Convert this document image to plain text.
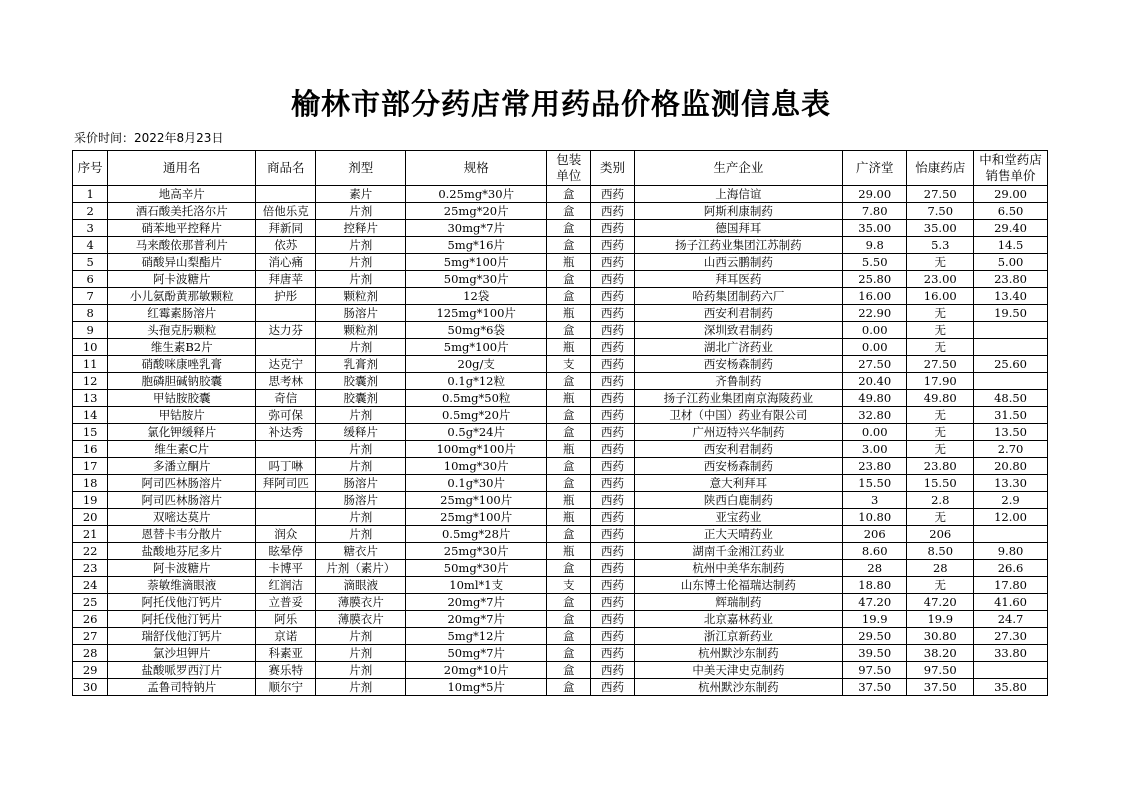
榆林市部分药店常用药品价格监测信息表
采价时间：2022年8月23日
序号	通用名	商品名	剂型	规格	包装
单位	类别	生产企业	广济堂	怡康药店	中和堂药店
销售单价
1	地高辛片		素片	0.25mg*30片	盒	西药	上海信谊	29.00	27.50	29.00
2	酒石酸美托洛尔片	倍他乐克	片剂	25mg*20片	盒	西药	阿斯利康制药	7.80	7.50	6.50
3	硝苯地平控释片	拜新同	控释片	30mg*7片	盒	西药	德国拜耳	35.00	35.00	29.40
4	马来酸依那普利片	依苏	片剂	5mg*16片	盒	西药	扬子江药业集团江苏制药	9.8	5.3	14.5
5	硝酸异山梨酯片	消心痛	片剂	5mg*100片	瓶	西药	山西云鹏制药	5.50	无	5.00
6	阿卡波糖片	拜唐苹	片剂	50mg*30片	盒	西药	拜耳医药	25.80	23.00	23.80
7	小儿氨酚黄那敏颗粒	护彤	颗粒剂	12袋	盒	西药	哈药集团制药六厂	16.00	16.00	13.40
8	红霉素肠溶片		肠溶片	125mg*100片	瓶	西药	西安利君制药	22.90	无	19.50
9	头孢克肟颗粒	达力芬	颗粒剂	50mg*6袋	盒	西药	深圳致君制药	0.00	无	
10	维生素B2片		片剂	5mg*100片	瓶	西药	湖北广济药业	0.00	无	
11	硝酸咪康唑乳膏	达克宁	乳膏剂	20g/支	支	西药	西安杨森制药	27.50	27.50	25.60
12	胞磷胆碱钠胶囊	思考林	胶囊剂	0.1g*12粒	盒	西药	齐鲁制药	20.40	17.90	
13	甲钴胺胶囊	奇信	胶囊剂	0.5mg*50粒	瓶	西药	扬子江药业集团南京海陵药业	49.80	49.80	48.50
14	甲钴胺片	弥可保	片剂	0.5mg*20片	盒	西药	卫材（中国）药业有限公司	32.80	无	31.50
15	氯化钾缓释片	补达秀	缓释片	0.5g*24片	盒	西药	广州迈特兴华制药	0.00	无	13.50
16	维生素C片		片剂	100mg*100片	瓶	西药	西安利君制药	3.00	无	2.70
17	多潘立酮片	吗丁啉	片剂	10mg*30片	盒	西药	西安杨森制药	23.80	23.80	20.80
18	阿司匹林肠溶片	拜阿司匹	肠溶片	0.1g*30片	盒	西药	意大利拜耳	15.50	15.50	13.30
19	阿司匹林肠溶片		肠溶片	25mg*100片	瓶	西药	陕西白鹿制药	3	2.8	2.9
20	双嘧达莫片		片剂	25mg*100片	瓶	西药	亚宝药业	10.80	无	12.00
21	恩替卡韦分散片	润众	片剂	0.5mg*28片	盒	西药	正大天晴药业	206	206	
22	盐酸地芬尼多片	眩晕停	糖衣片	25mg*30片	瓶	西药	湖南千金湘江药业	8.60	8.50	9.80
23	阿卡波糖片	卡博平	片剂（素片）	50mg*30片	盒	西药	杭州中美华东制药	28	28	26.6
24	萘敏维滴眼液	红润洁	滴眼液	10ml*1支	支	西药	山东博士伦福瑞达制药	18.80	无	17.80
25	阿托伐他汀钙片	立普妥	薄膜衣片	20mg*7片	盒	西药	辉瑞制药	47.20	47.20	41.60
26	阿托伐他汀钙片	阿乐	薄膜衣片	20mg*7片	盒	西药	北京嘉林药业	19.9	19.9	24.7
27	瑞舒伐他汀钙片	京诺	片剂	5mg*12片	盒	西药	浙江京新药业	29.50	30.80	27.30
28	氯沙坦钾片	科素亚	片剂	50mg*7片	盒	西药	杭州默沙东制药	39.50	38.20	33.80
29	盐酸哌罗西汀片	赛乐特	片剂	20mg*10片	盒	西药	中美天津史克制药	97.50	97.50	
30	孟鲁司特钠片	顺尔宁	片剂	10mg*5片	盒	西药	杭州默沙东制药	37.50	37.50	35.80
